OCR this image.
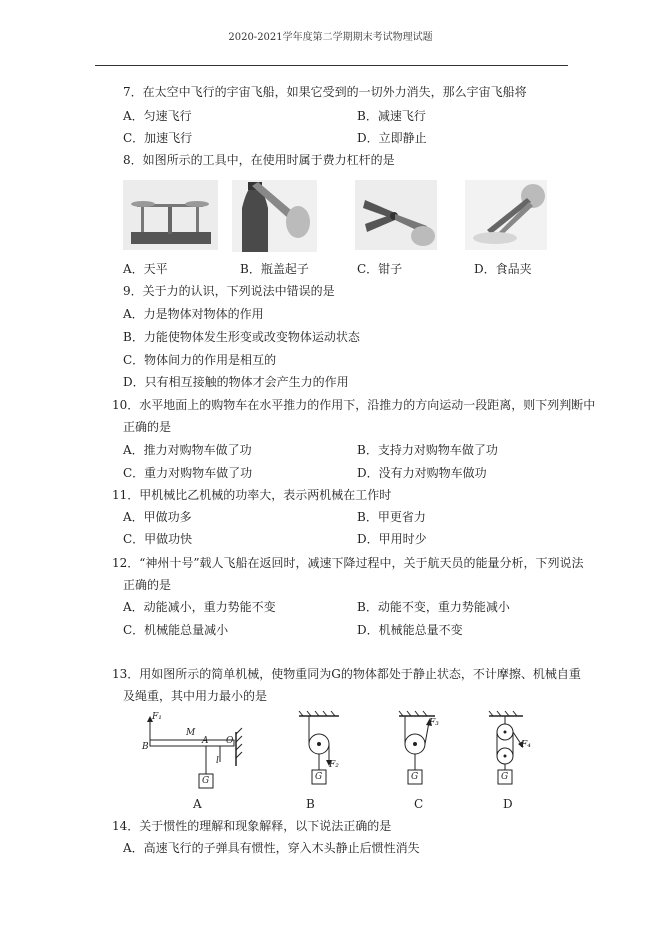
2020-2021学年度第二学期期末考试物理试题
7．在太空中飞行的宇宙飞船，如果它受到的一切外力消失，那么宇宙飞船将
A．匀速飞行	B．减速飞行
C．加速飞行	D．立即静止
8．如图所示的工具中，在使用时属于费力杠杆的是
A．天平	B．瓶盖起子	C．钳子	D．食品夹
9．关于力的认识，下列说法中错误的是
A．力是物体对物体的作用
B．力能使物体发生形变或改变物体运动状态
C．物体间力的作用是相互的
D．只有相互接触的物体才会产生力的作用
10．水平地面上的购物车在水平推力的作用下，沿推力的方向运动一段距离，则下列判断中
正确的是
A．推力对购物车做了功	B．支持力对购物车做了功
C．重力对购物车做了功	D．没有力对购物车做功
11．甲机械比乙机械的功率大，表示两机械在工作时
A．甲做功多	B．甲更省力
C．甲做功快	D．甲用时少
12．“神州十号”载人飞船在返回时，减速下降过程中，关于航天员的能量分析，下列说法
正确的是
A．动能减小，重力势能不变	B．动能不变，重力势能减小
C．机械能总量减小	D．机械能总量不变
13．用如图所示的简单机械，使物重同为G的物体都处于静止状态，不计摩擦、机械自重
及绳重，其中用力最小的是
F₁
M
B
A O
l
G
F₂
G
F₃
G
F₄
G
A	B	C	D
14．关于惯性的理解和现象解释，以下说法正确的是
A．高速飞行的子弹具有惯性，穿入木头静止后惯性消失
